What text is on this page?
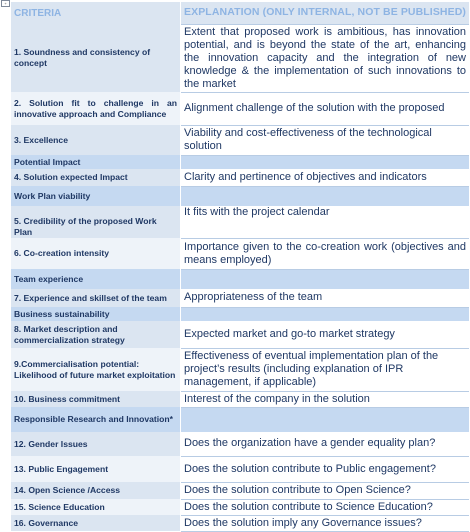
+
CRITERIA	EXPLANATION (ONLY INTERNAL, NOT BE PUBLISHED)
1. Soundness and consistency of concept	Extent that proposed work is ambitious, has innovation potential, and is beyond the state of the art, enhancing the innovation capacity and the integration of new knowledge & the implementation of such innovations to the market
2. Solution fit to challenge in an innovative approach and Compliance	Alignment challenge of the solution with the proposed
3. Excellence	Viability and cost-effectiveness of the technological solution
Potential Impact	
4. Solution expected Impact	Clarity and pertinence of objectives and indicators
Work Plan viability	
5. Credibility of the proposed Work Plan	It fits with the project calendar
6. Co-creation intensity	Importance given to the co-creation work (objectives and means employed)
Team experience	
7. Experience and skillset of the team	Appropriateness of the team
Business sustainability	
8. Market description and commercialization strategy	Expected market and go-to market strategy
9.Commercialisation potential: Likelihood of future market exploitation	Effectiveness of eventual implementation plan of the project’s results (including explanation of IPR management, if applicable)
10. Business commitment	Interest of the company in the solution
Responsible Research and Innovation*	
12. Gender Issues	Does the organization have a gender equality plan?
13. Public Engagement	Does the solution contribute to Public engagement?
14. Open Science /Access	Does the solution contribute to Open Science?
15. Science Education	Does the solution contribute to Science Education?
16. Governance	Does the solution imply any Governance issues?
